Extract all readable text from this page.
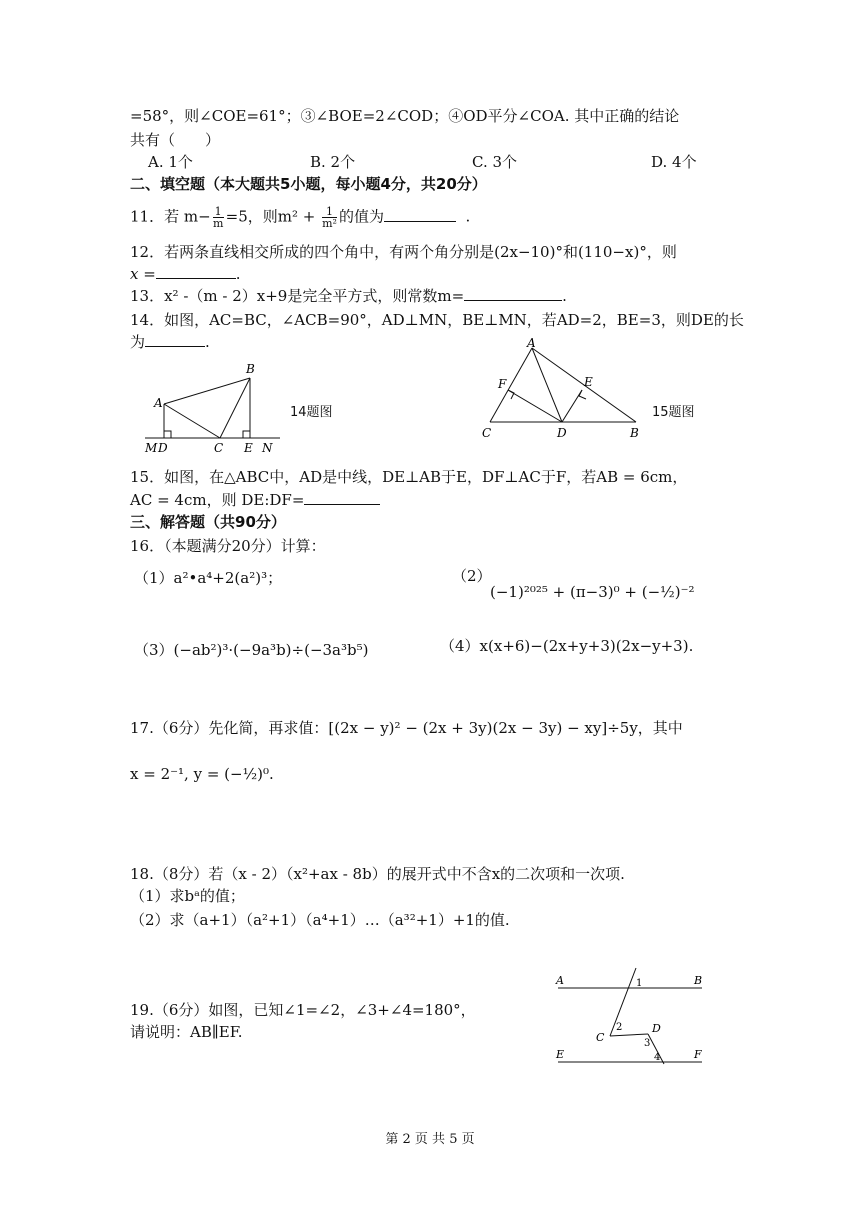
=58°，则∠COE=61°；③∠BOE=2∠COD；④OD平分∠COA. 其中正确的结论
共有（　　）
A. 1个	B. 2个	C. 3个	D. 4个
二、填空题（本大题共5小题，每小题4分，共20分）
11．若 $m- \frac{1}{m} =5$，则$m^2 + \frac{1}{\text{m²}}$ 的值为	.
12．若两条直线相交所成的四个角中，有两个角分别是(2x−10)°和(110−x)°，则
x =	.
13．x² -（m - 2）x+9是完全平方式，则常数m=	.
14．如图，AC=BC，∠ACB=90°，AD⊥MN，BE⊥MN，若AD=2，BE=3，则DE的长
为	.
A
B
C
D	E
M	N
14题图
A
B
C	D
E
F
15题图
15．如图，在△ABC中，AD是中线，DE⊥AB于E，DF⊥AC于F，若AB = 6cm，
AC = 4cm，则 DE:DF=
三、解答题（共90分）
16．（本题满分20分）计算：
（1）a²•a⁴+2(a²)³；	（2）
(−1)²⁰²⁵ + (π−3)⁰ + (−½)⁻²
（3）(−ab²)³·(−9a³b)÷(−3a³b⁵)	（4）x(x+6)−(2x+y+3)(2x−y+3).
17.（6分）先化简，再求值：[(2x − y)² − (2x + 3y)(2x − 3y) − xy]÷5y，其中
x = 2⁻¹, y = (−½)⁰.
18.（8分）若（x - 2）（x²+ax - 8b）的展开式中不含x的二次项和一次项.
（1）求bᵃ的值；
（2）求（a+1）（a²+1）（a⁴+1）…（a³²+1）+1的值.
19.（6分）如图，已知∠1=∠2，∠3+∠4=180°，
请说明：AB∥EF.
A	B
C
D
E	F
1
2
3
4
第 2 页 共 5 页
